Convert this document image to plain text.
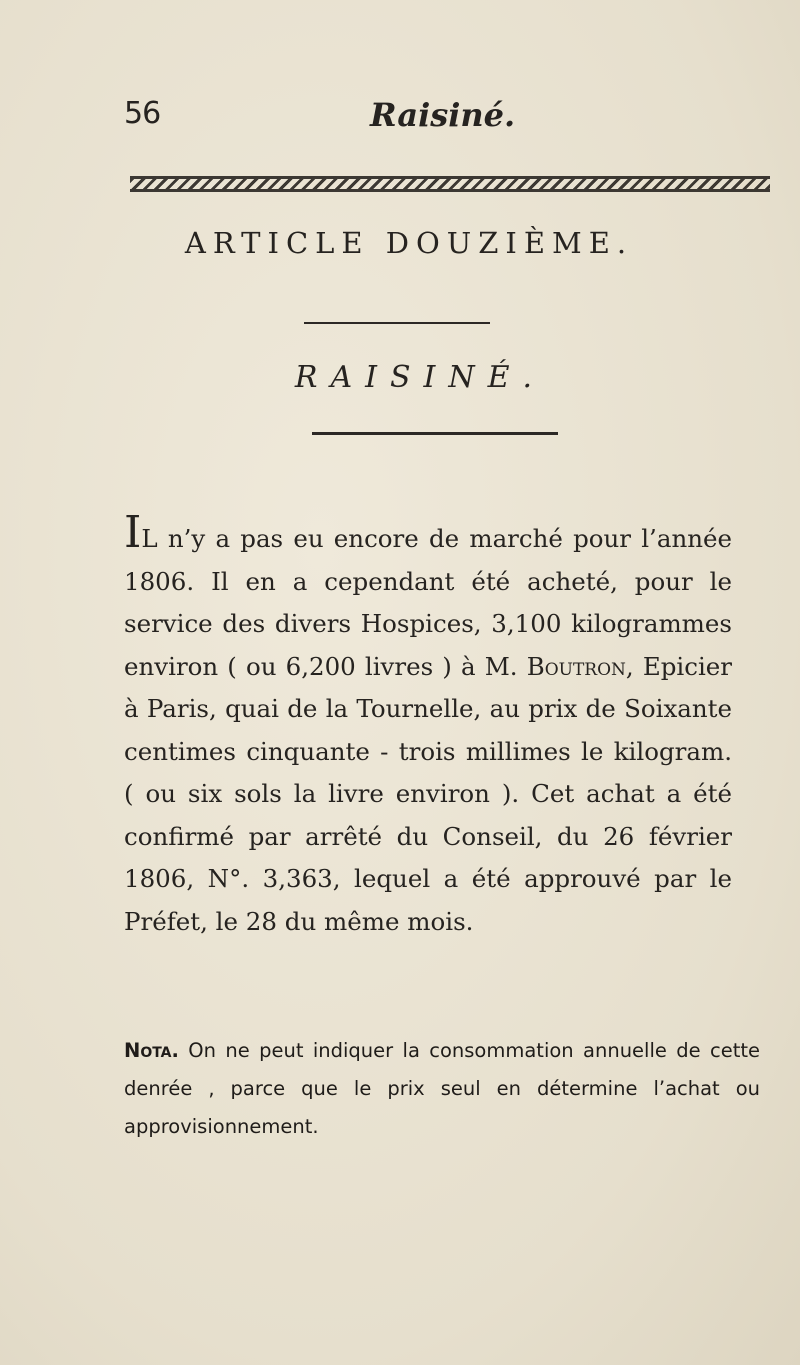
56	Raisiné.
ARTICLE DOUZIÈME.
RAISINÉ.
IL n’y a pas eu encore de marché pour l’année 1806. Il en a cependant été acheté, pour le service des divers Hospices, 3,100 kilogrammes environ ( ou 6,200 livres ) à M. Boutron, Epicier à Paris, quai de la Tournelle, au prix de Soixante centimes cinquante - trois millimes le kilogram. ( ou six sols la livre environ ). Cet achat a été confirmé par arrêté du Conseil, du 26 février 1806, N°. 3,363, lequel a été approuvé par le Préfet, le 28 du même mois.
Nota. On ne peut indiquer la consommation annuelle de cette denrée , parce que le prix seul en détermine l’achat ou approvisionnement.
